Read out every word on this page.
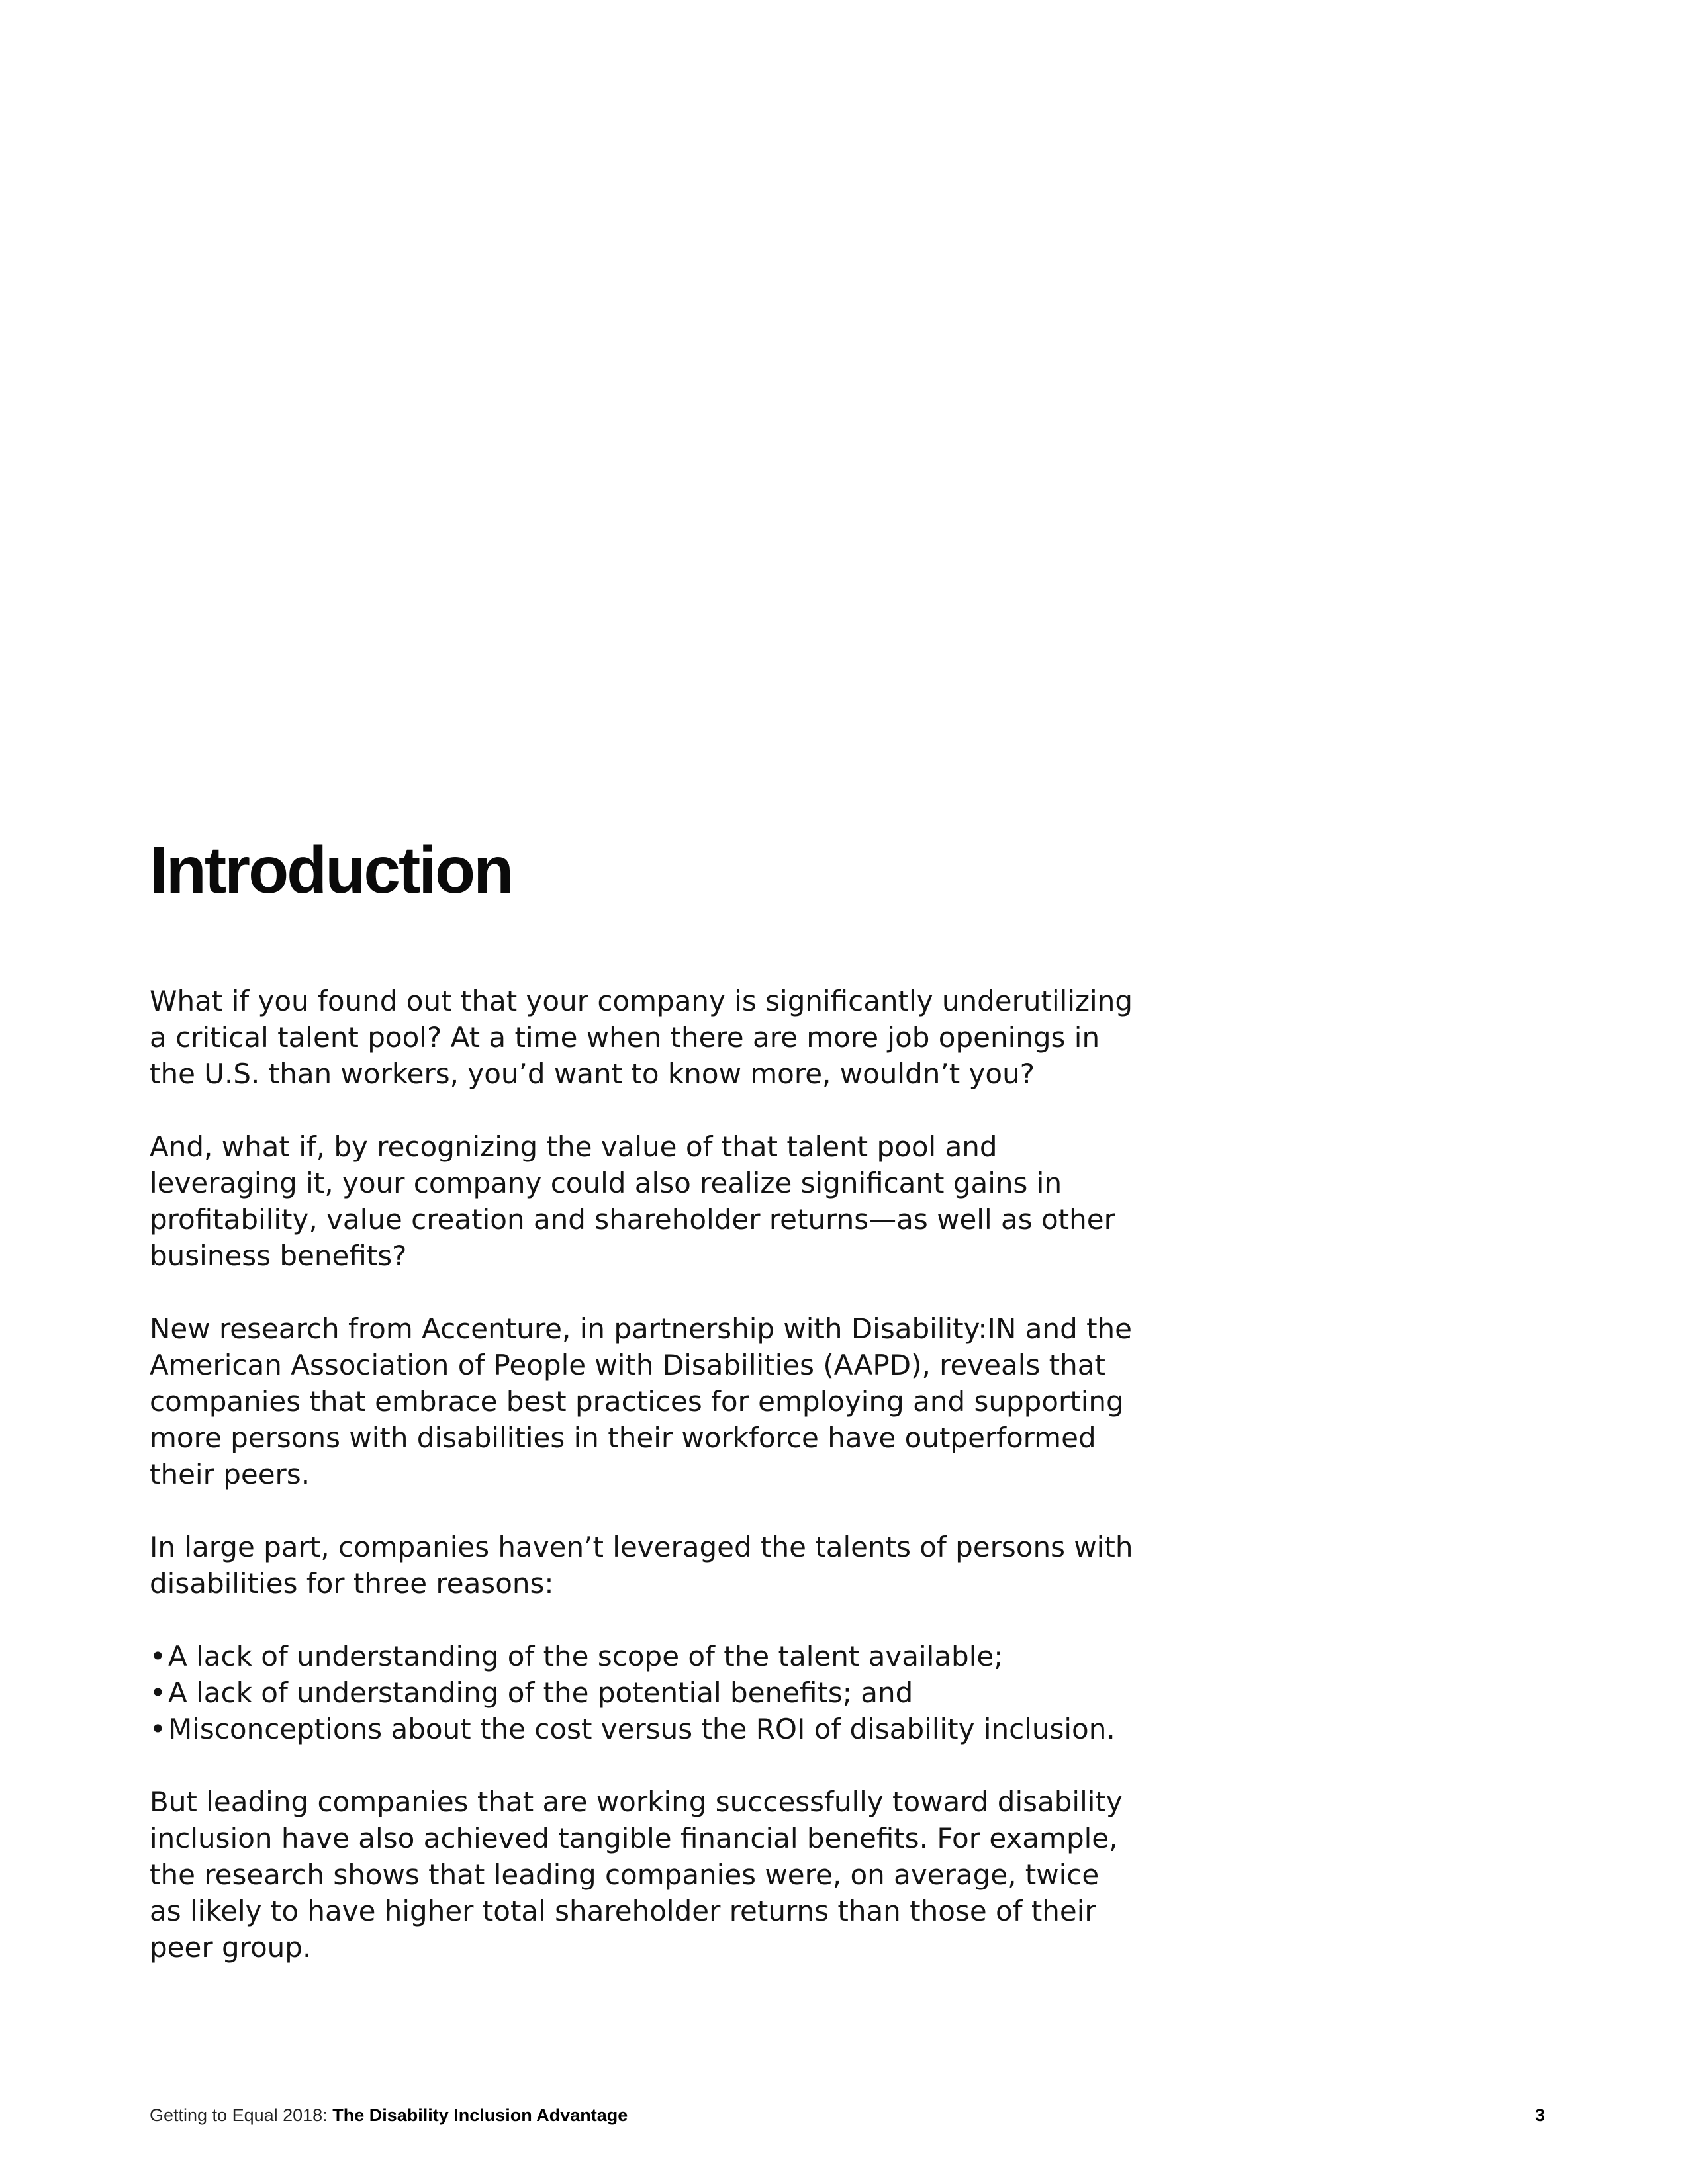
Introduction

What if you found out that your company is significantly underutilizing
a critical talent pool? At a time when there are more job openings in
the U.S. than workers, you’d want to know more, wouldn’t you?

And, what if, by recognizing the value of that talent pool and
leveraging it, your company could also realize significant gains in
profitability, value creation and shareholder returns—as well as other
business benefits?

New research from Accenture, in partnership with Disability:IN and the
American Association of People with Disabilities (AAPD), reveals that
companies that embrace best practices for employing and supporting
more persons with disabilities in their workforce have outperformed
their peers.

In large part, companies haven’t leveraged the talents of persons with
disabilities for three reasons:

• A lack of understanding of the scope of the talent available;
• A lack of understanding of the potential benefits; and
• Misconceptions about the cost versus the ROI of disability inclusion.

But leading companies that are working successfully toward disability
inclusion have also achieved tangible financial benefits. For example,
the research shows that leading companies were, on average, twice
as likely to have higher total shareholder returns than those of their
peer group.

Getting to Equal 2018: The Disability Inclusion Advantage	3
